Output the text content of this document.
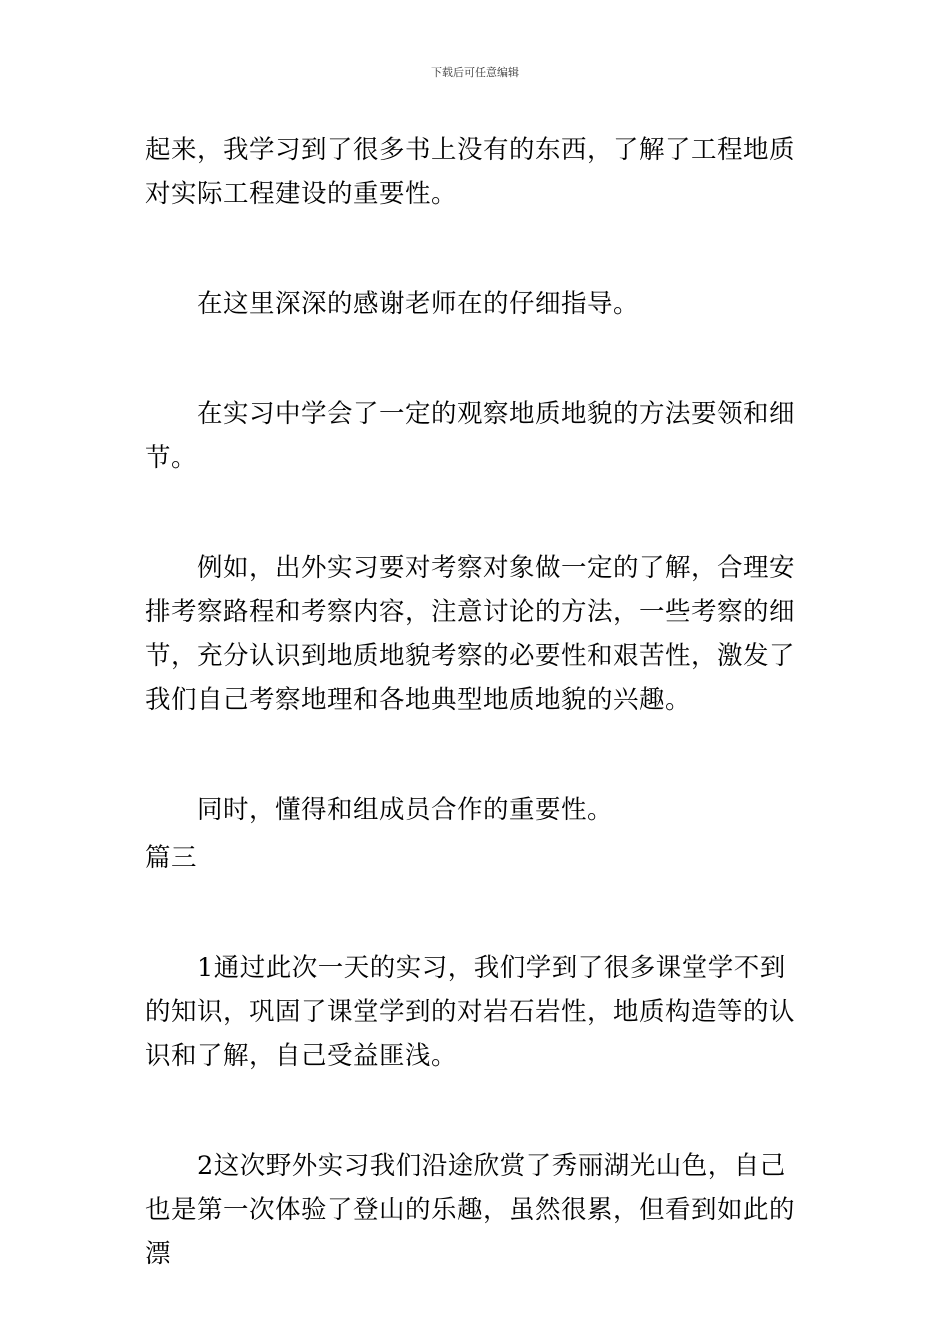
下载后可任意编辑

起来，我学习到了很多书上没有的东西，了解了工程地质对实际工程建设的重要性。

在这里深深的感谢老师在的仔细指导。

在实习中学会了一定的观察地质地貌的方法要领和细节。

例如，出外实习要对考察对象做一定的了解，合理安排考察路程和考察内容，注意讨论的方法，一些考察的细节，充分认识到地质地貌考察的必要性和艰苦性，激发了我们自己考察地理和各地典型地质地貌的兴趣。

同时，懂得和组成员合作的重要性。

篇三

1通过此次一天的实习，我们学到了很多课堂学不到的知识，巩固了课堂学到的对岩石岩性，地质构造等的认识和了解，自己受益匪浅。

2这次野外实习我们沿途欣赏了秀丽湖光山色，自己也是第一次体验了登山的乐趣，虽然很累，但看到如此的漂
